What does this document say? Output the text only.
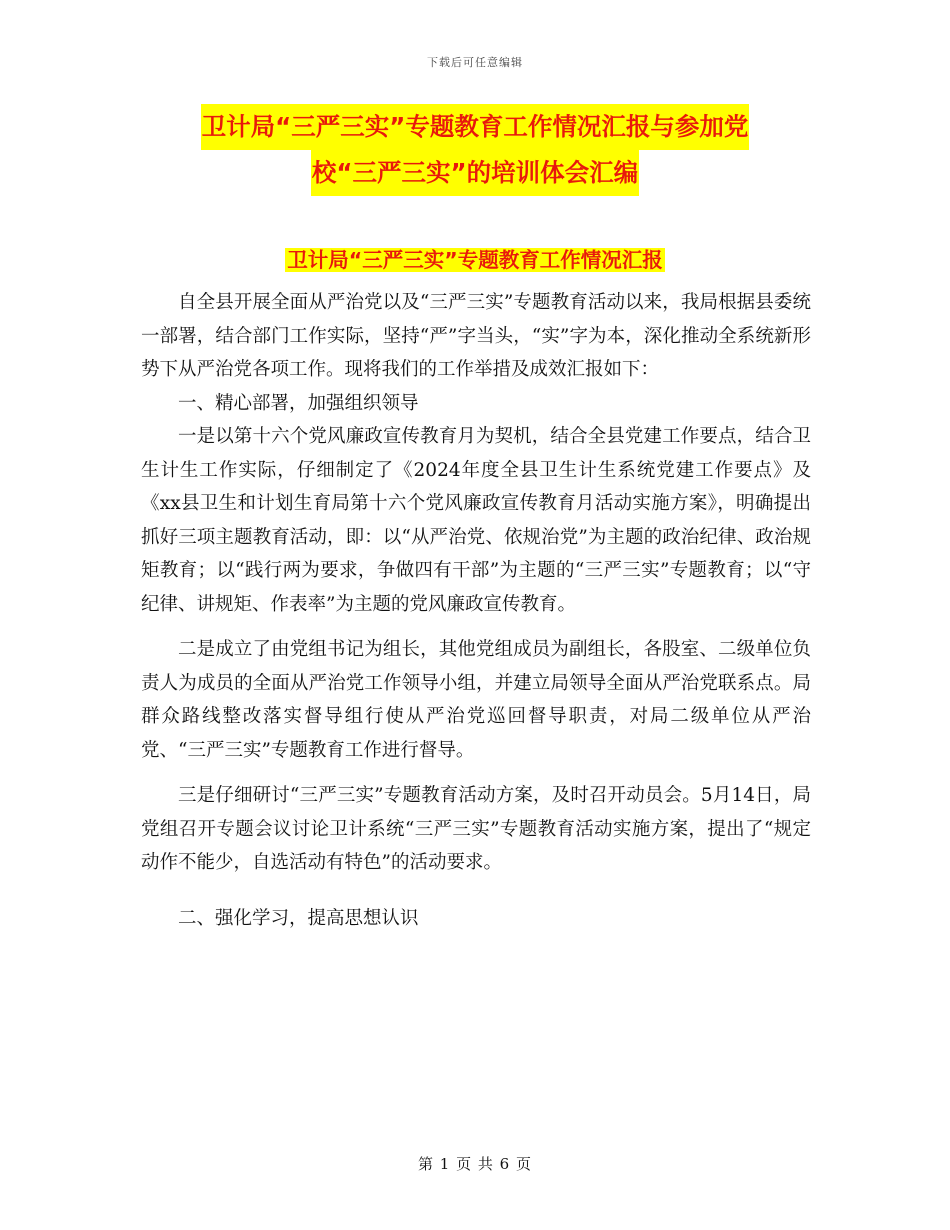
下载后可任意编辑
卫计局“三严三实”专题教育工作情况汇报与参加党
校“三严三实”的培训体会汇编
卫计局“三严三实”专题教育工作情况汇报

自全县开展全面从严治党以及“三严三实”专题教育活动以来，我局根据县委统一部署，结合部门工作实际，坚持“严”字当头，“实”字为本，深化推动全系统新形势下从严治党各项工作。现将我们的工作举措及成效汇报如下：

一、精心部署，加强组织领导

一是以第十六个党风廉政宣传教育月为契机，结合全县党建工作要点，结合卫生计生工作实际，仔细制定了《2024年度全县卫生计生系统党建工作要点》及《xx县卫生和计划生育局第十六个党风廉政宣传教育月活动实施方案》，明确提出抓好三项主题教育活动，即：以“从严治党、依规治党”为主题的政治纪律、政治规矩教育；以“践行两为要求，争做四有干部”为主题的“三严三实”专题教育；以“守纪律、讲规矩、作表率”为主题的党风廉政宣传教育。

二是成立了由党组书记为组长，其他党组成员为副组长，各股室、二级单位负责人为成员的全面从严治党工作领导小组，并建立局领导全面从严治党联系点。局群众路线整改落实督导组行使从严治党巡回督导职责，对局二级单位从严治党、“三严三实”专题教育工作进行督导。

三是仔细研讨“三严三实”专题教育活动方案，及时召开动员会。5月14日，局党组召开专题会议讨论卫计系统“三严三实”专题教育活动实施方案，提出了“规定动作不能少，自选活动有特色”的活动要求。

二、强化学习，提高思想认识

第 1 页 共 6 页
